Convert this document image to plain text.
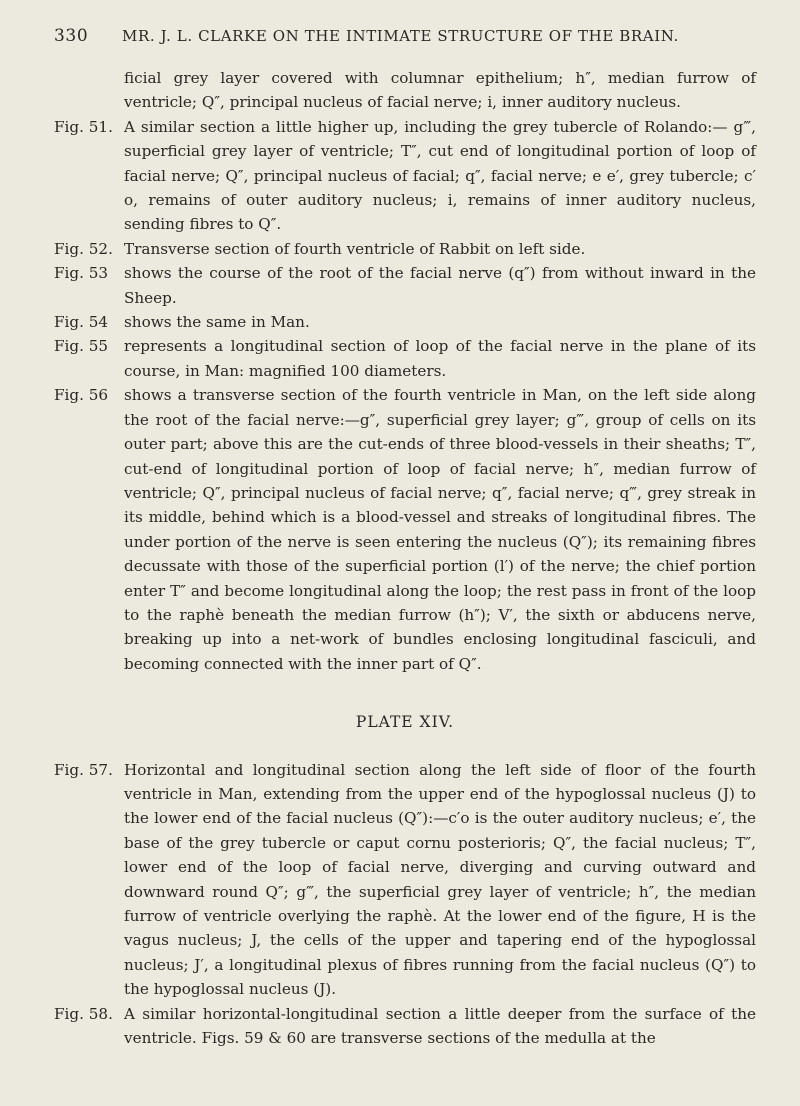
330	MR. J. L. CLARKE ON THE INTIMATE STRUCTURE OF THE BRAIN.

ficial grey layer covered with columnar epithelium; h″, median furrow of ventricle; Q″, principal nucleus of facial nerve; i, inner auditory nucleus.

Fig. 51. A similar section a little higher up, including the grey tubercle of Rolando:— g‴, superficial grey layer of ventricle; T″, cut end of longitudinal portion of loop of facial nerve; Q″, principal nucleus of facial; q″, facial nerve; e e′, grey tubercle; c′ o, remains of outer auditory nucleus; i, remains of inner auditory nucleus, sending fibres to Q″.

Fig. 52. Transverse section of fourth ventricle of Rabbit on left side.

Fig. 53	shows the course of the root of the facial nerve (q″) from without inward in the Sheep.

Fig. 54	shows the same in Man.

Fig. 55	represents a longitudinal section of loop of the facial nerve in the plane of its course, in Man: magnified 100 diameters.

Fig. 56	shows a transverse section of the fourth ventricle in Man, on the left side along the root of the facial nerve:—g″, superficial grey layer; g‴, group of cells on its outer part; above this are the cut-ends of three blood-vessels in their sheaths; T″, cut-end of longitudinal portion of loop of facial nerve; h″, median furrow of ventricle; Q″, principal nucleus of facial nerve; q″, facial nerve; q‴, grey streak in its middle, behind which is a blood-vessel and streaks of longitudinal fibres. The under portion of the nerve is seen entering the nucleus (Q″); its remaining fibres decussate with those of the superficial portion (l′) of the nerve; the chief portion enter T″ and become longitudinal along the loop; the rest pass in front of the loop to the raphè beneath the median furrow (h″); V′, the sixth or abducens nerve, breaking up into a net-work of bundles enclosing longitudinal fasciculi, and becoming connected with the inner part of Q″.

PLATE XIV.
Fig. 57. Horizontal and longitudinal section along the left side of floor of the fourth ventricle in Man, extending from the upper end of the hypoglossal nucleus (J) to the lower end of the facial nucleus (Q″):—c′o is the outer auditory nucleus; e′, the base of the grey tubercle or caput cornu posterioris; Q″, the facial nucleus; T″, lower end of the loop of facial nerve, diverging and curving outward and downward round Q″; g‴, the superficial grey layer of ventricle; h″, the median furrow of ventricle overlying the raphè. At the lower end of the figure, H is the vagus nucleus; J, the cells of the upper and tapering end of the hypoglossal nucleus; J′, a longitudinal plexus of fibres running from the facial nucleus (Q″) to the hypoglossal nucleus (J).

Fig. 58. A similar horizontal-longitudinal section a little deeper from the surface of the ventricle. Figs. 59 & 60 are transverse sections of the medulla at the
